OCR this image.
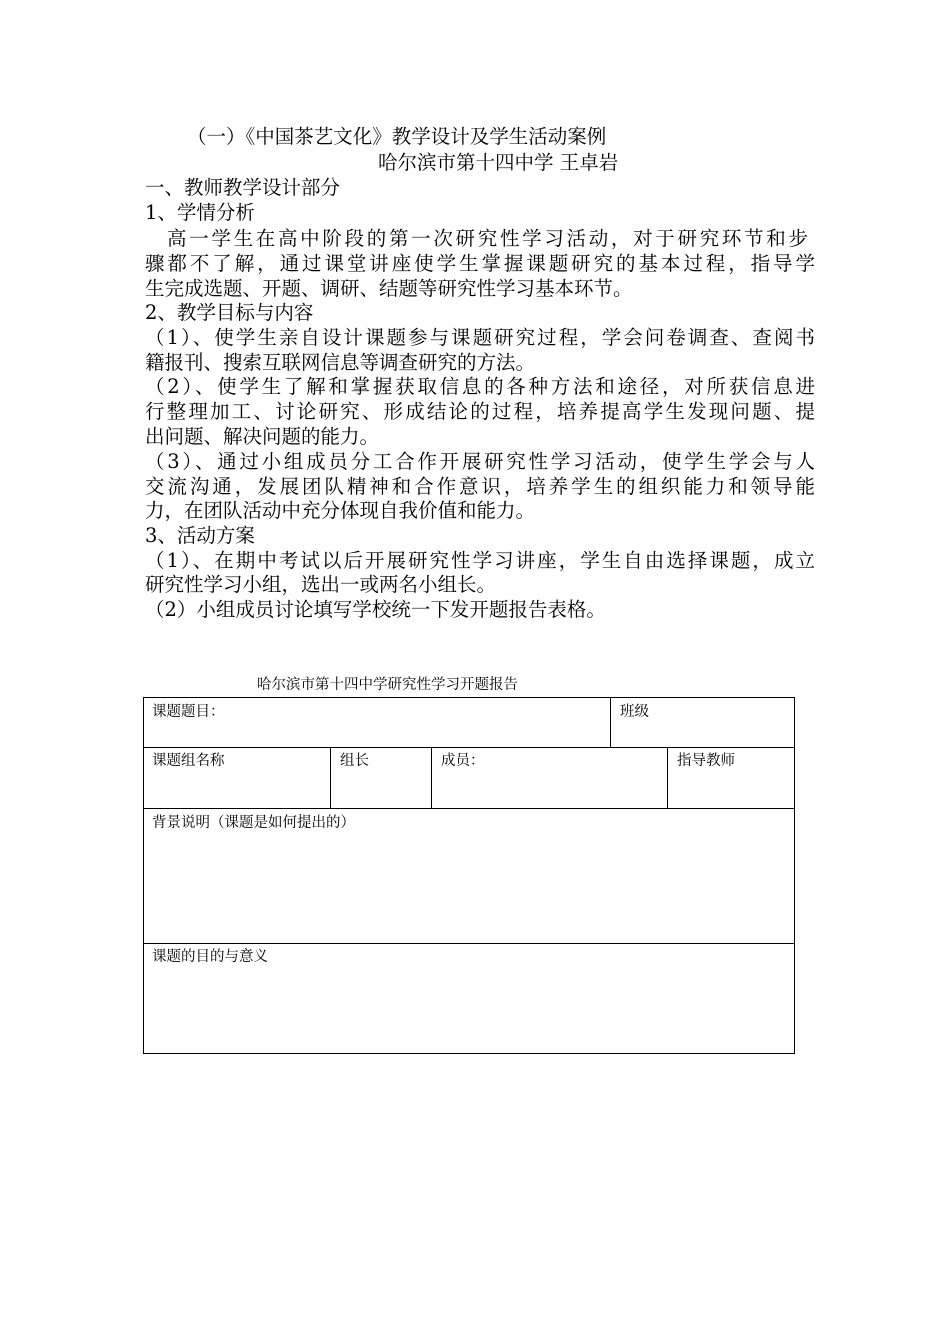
（一）《中国茶艺文化》教学设计及学生活动案例
哈尔滨市第十四中学 王卓岩
一、教师教学设计部分
1、学情分析
高一学生在高中阶段的第一次研究性学习活动，对于研究环节和步
骤都不了解，通过课堂讲座使学生掌握课题研究的基本过程，指导学
生完成选题、开题、调研、结题等研究性学习基本环节。
2、教学目标与内容
（1）、使学生亲自设计课题参与课题研究过程，学会问卷调查、查阅书
籍报刊、搜索互联网信息等调查研究的方法。
（2）、使学生了解和掌握获取信息的各种方法和途径，对所获信息进
行整理加工、讨论研究、形成结论的过程，培养提高学生发现问题、提
出问题、解决问题的能力。
（3）、通过小组成员分工合作开展研究性学习活动，使学生学会与人
交流沟通，发展团队精神和合作意识，培养学生的组织能力和领导能
力，在团队活动中充分体现自我价值和能力。
3、活动方案
（1）、在期中考试以后开展研究性学习讲座，学生自由选择课题，成立
研究性学习小组，选出一或两名小组长。
（2）小组成员讨论填写学校统一下发开题报告表格。
哈尔滨市第十四中学研究性学习开题报告
课题题目：	班级
课题组名称	组长	成员：	指导教师
背景说明（课题是如何提出的）
课题的目的与意义
